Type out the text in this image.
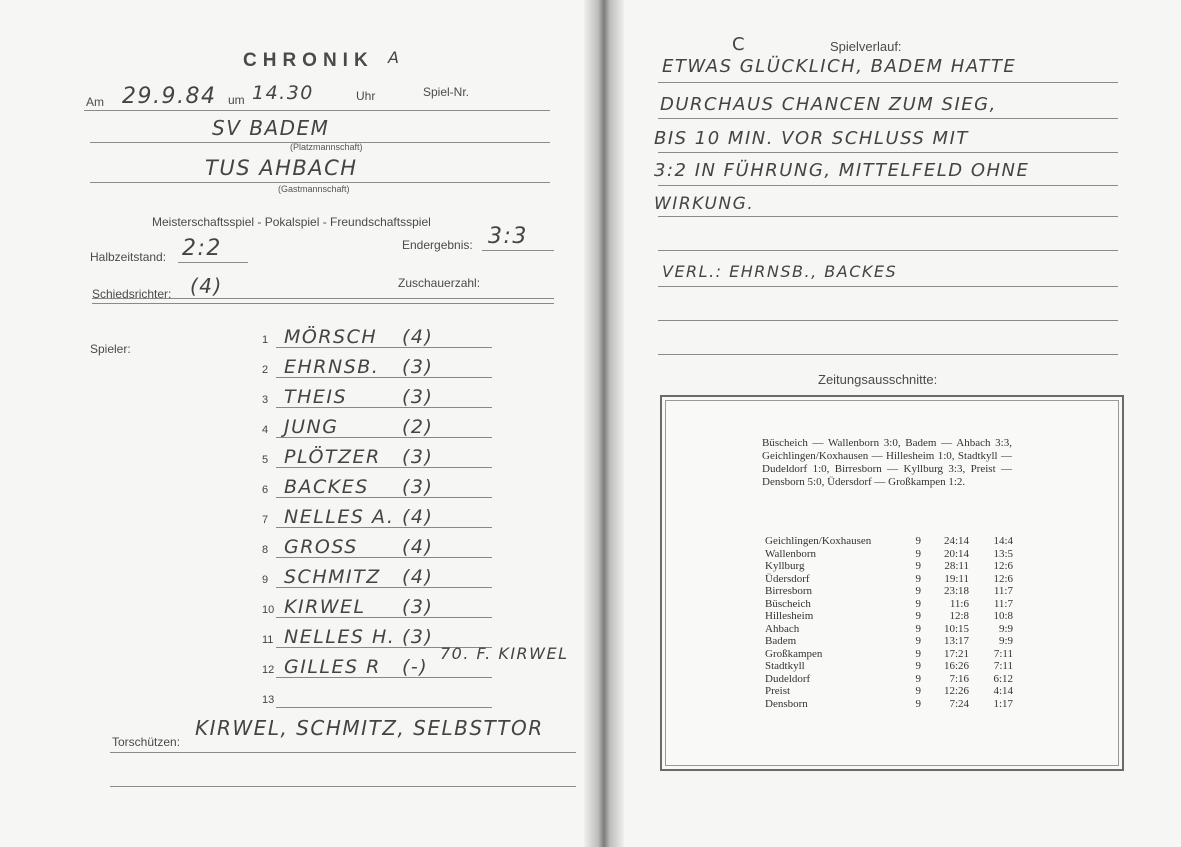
CHRONIK A
Am 29.9.84 um 14.30	Uhr	Spiel-Nr.
SV BADEM
(Platzmannschaft)
TUS AHBACH
(Gastmannschaft)
Meisterschaftsspiel - Pokalspiel - Freundschaftsspiel
Halbzeitstand: 2:2	Endergebnis: 3:3
Schiedsrichter: (4)	Zuschauerzahl:
Spieler:
1 MÖRSCH (4)
2 EHRNSB. (3)
3 THEIS	(3)
4 JUNG	(2)
5 PLÖTZER (3)
6 BACKES (3)
7 NELLES A. (4)
8 GROSS (4)
9 SCHMITZ (4)
10 KIRWEL (3)
11 NELLES H. (3)
12 GILLES R (-)
13
70. F. KIRWEL
Torschützen:
KIRWEL, SCHMITZ, SELBSTTOR
C	Spielverlauf:
ETWAS GLÜCKLICH, BADEM HATTE
DURCHAUS CHANCEN ZUM SIEG,
BIS 10 MIN. VOR SCHLUSS MIT
3:2 IN FÜHRUNG, MITTELFELD OHNE
WIRKUNG.
VERL.: EHRNSB., BACKES
Zeitungsausschnitte:
Büscheich — Wallenborn 3:0, Badem — Ahbach 3:3, Geichlingen/Koxhausen — Hillesheim 1:0, Stadtkyll — Dudeldorf 1:0, Birresborn — Kyllburg 3:3, Preist — Densborn 5:0, Üdersdorf — Großkampen 1:2.
Geichlingen/Koxhausen	9	24:14	14:4
Wallenborn	9	20:14	13:5
Kyllburg	9	28:11	12:6
Üdersdorf	9	19:11	12:6
Birresborn	9	23:18	11:7
Büscheich	9	11:6	11:7
Hillesheim	9	12:8	10:8
Ahbach	9	10:15	9:9
Badem	9	13:17	9:9
Großkampen	9	17:21	7:11
Stadtkyll	9	16:26	7:11
Dudeldorf	9	7:16	6:12
Preist	9	12:26	4:14
Densborn	9	7:24	1:17
